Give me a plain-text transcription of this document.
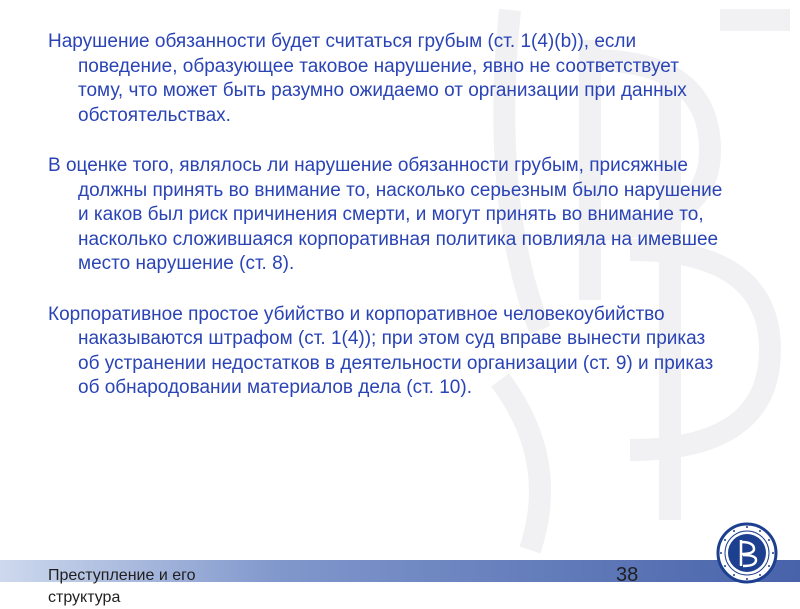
Нарушение обязанности будет считаться грубым (ст. 1(4)(b)), если поведение, образующее таковое нарушение, явно не соответствует тому, что может быть разумно ожидаемо от организации при данных обстоятельствах.

В оценке того, являлось ли нарушение обязанности грубым, присяжные должны принять во внимание то, насколько серьезным было нарушение и каков был риск причинения смерти, и могут принять во внимание то, насколько сложившаяся корпоративная политика повлияла на имевшее место нарушение (ст. 8).

Корпоративное простое убийство и корпоративное человекоубийство наказываются штрафом (ст. 1(4)); при этом суд вправе вынести приказ об устранении недостатков в деятельности организации (ст. 9) и приказ об обнародовании материалов дела (ст. 10).

Преступление и его структура
38
